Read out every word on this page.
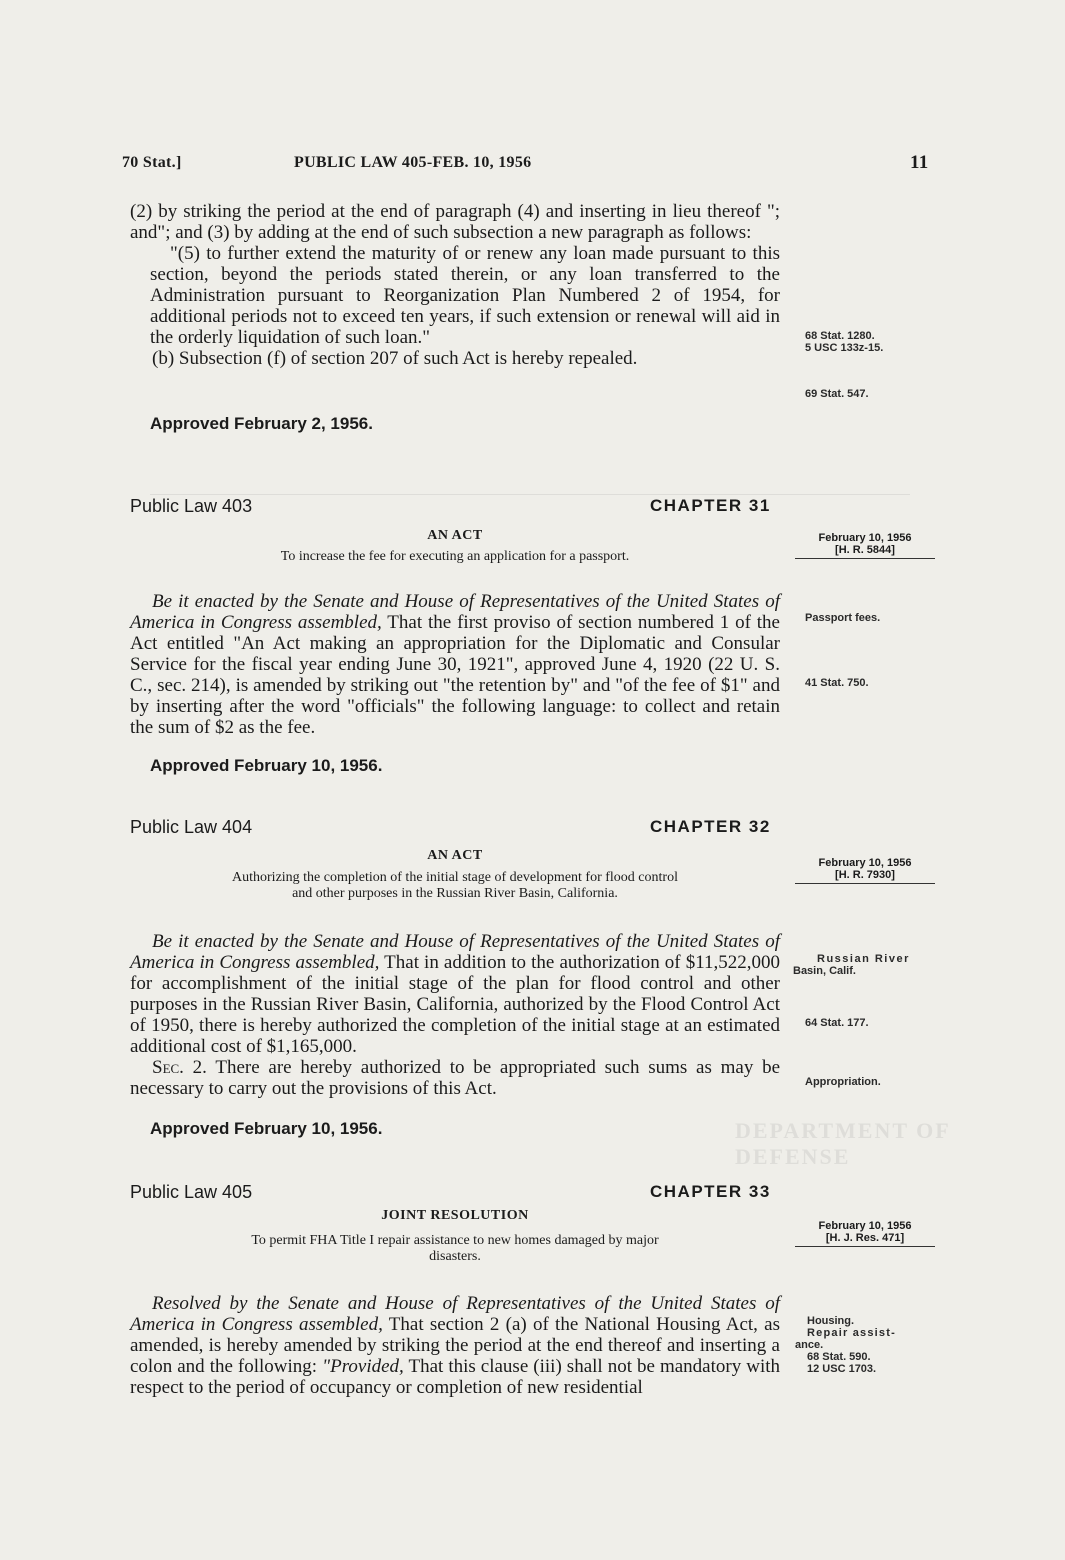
DEPARTMENT OF DEFENSE
70 Stat.]	PUBLIC LAW 405-FEB. 10, 1956	11

(2) by striking the period at the end of paragraph (4) and inserting in lieu thereof "; and"; and (3) by adding at the end of such subsection a new paragraph as follows:

"(5) to further extend the maturity of or renew any loan made pursuant to this section, beyond the periods stated therein, or any loan transferred to the Administration pursuant to Reorganization Plan Numbered 2 of 1954, for additional periods not to exceed ten years, if such extension or renewal will aid in the orderly liquidation of such loan."

(b) Subsection (f) of section 207 of such Act is hereby repealed.

Approved February 2, 1956.
68 Stat. 1280.
5 USC 133z-15.
69 Stat. 547.
Public Law 403	CHAPTER 31
AN ACT
To increase the fee for executing an application for a passport.
February 10, 1956
[H. R. 5844]

Be it enacted by the Senate and House of Representatives of the United States of America in Congress assembled, That the first proviso of section numbered 1 of the Act entitled "An Act making an appropriation for the Diplomatic and Consular Service for the fiscal year ending June 30, 1921", approved June 4, 1920 (22 U. S. C., sec. 214), is amended by striking out "the retention by" and "of the fee of $1" and by inserting after the word "officials" the following language: to collect and retain the sum of $2 as the fee.

Approved February 10, 1956.
Passport fees.
41 Stat. 750.
Public Law 404	CHAPTER 32
AN ACT
Authorizing the completion of the initial stage of development for flood control
and other purposes in the Russian River Basin, California.
February 10, 1956
[H. R. 7930]

Be it enacted by the Senate and House of Representatives of the United States of America in Congress assembled, That in addition to the authorization of $11,522,000 for accomplishment of the initial stage of the plan for flood control and other purposes in the Russian River Basin, California, authorized by the Flood Control Act of 1950, there is hereby authorized the completion of the initial stage at an estimated additional cost of $1,165,000.

Sec. 2. There are hereby authorized to be appropriated such sums as may be necessary to carry out the provisions of this Act.

Approved February 10, 1956.
Russian River
Basin, Calif.
64 Stat. 177.
Appropriation.
Public Law 405	CHAPTER 33
JOINT RESOLUTION
To permit FHA Title I repair assistance to new homes damaged by major
disasters.
February 10, 1956
[H. J. Res. 471]

Resolved by the Senate and House of Representatives of the United States of America in Congress assembled, That section 2 (a) of the National Housing Act, as amended, is hereby amended by striking the period at the end thereof and inserting a colon and the following: "Provided, That this clause (iii) shall not be mandatory with respect to the period of occupancy or completion of new residential

Housing.
Repair assist-
ance.
68 Stat. 590.
12 USC 1703.
